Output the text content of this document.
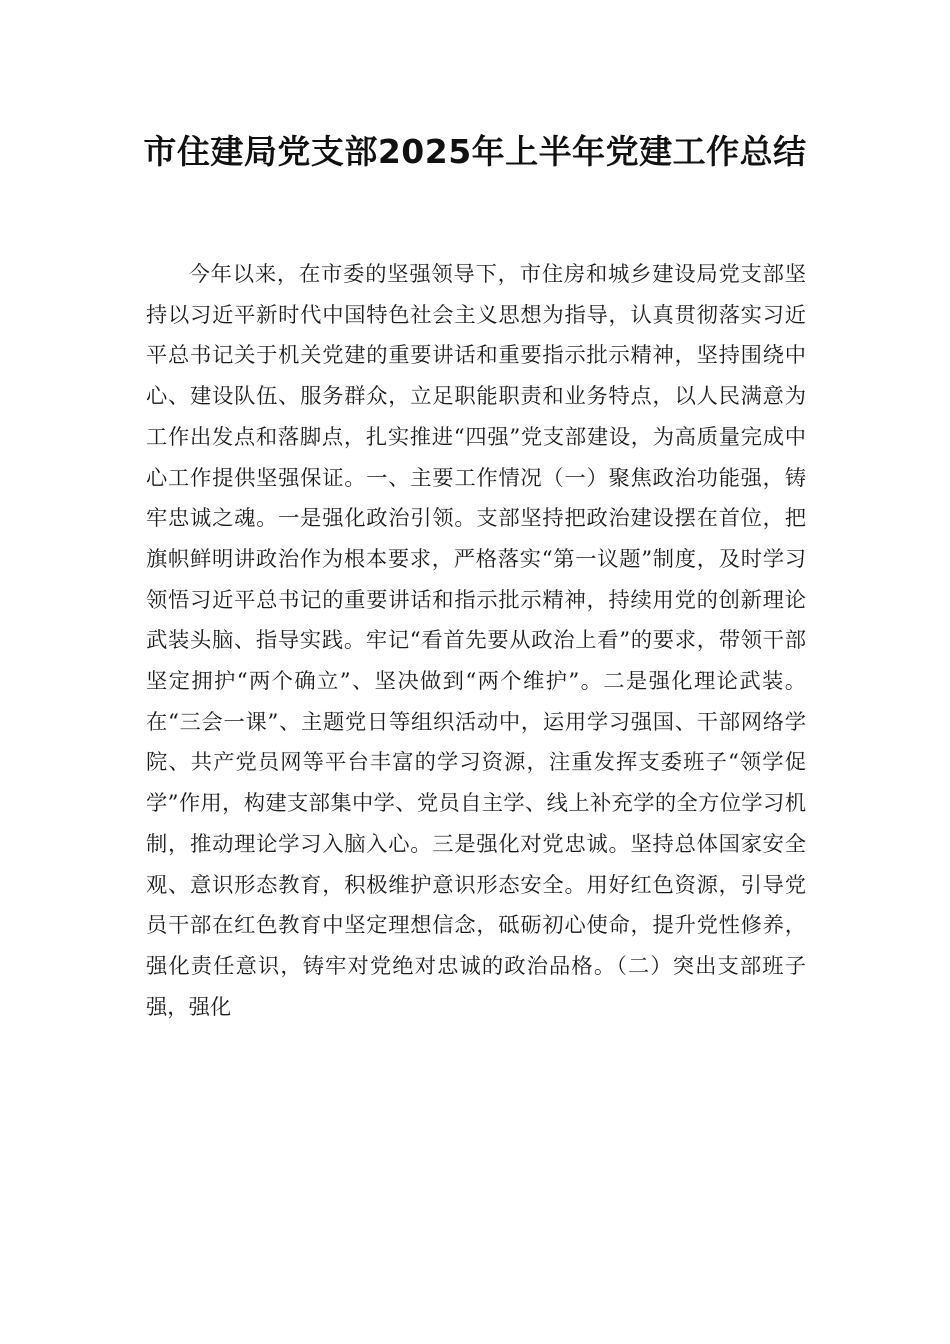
市住建局党支部2025年上半年党建工作总结

今年以来，在市委的坚强领导下，市住房和城乡建设局党支部坚持以习近平新时代中国特色社会主义思想为指导，认真贯彻落实习近平总书记关于机关党建的重要讲话和重要指示批示精神，坚持围绕中心、建设队伍、服务群众，立足职能职责和业务特点，以人民满意为工作出发点和落脚点，扎实推进“四强”党支部建设，为高质量完成中心工作提供坚强保证。一、主要工作情况（一）聚焦政治功能强，铸牢忠诚之魂。一是强化政治引领。支部坚持把政治建设摆在首位，把旗帜鲜明讲政治作为根本要求，严格落实“第一议题”制度，及时学习领悟习近平总书记的重要讲话和指示批示精神，持续用党的创新理论武装头脑、指导实践。牢记“看首先要从政治上看”的要求，带领干部坚定拥护“两个确立”、坚决做到“两个维护”。二是强化理论武装。在“三会一课”、主题党日等组织活动中，运用学习强国、干部网络学院、共产党员网等平台丰富的学习资源，注重发挥支委班子“领学促学”作用，构建支部集中学、党员自主学、线上补充学的全方位学习机制，推动理论学习入脑入心。三是强化对党忠诚。坚持总体国家安全观、意识形态教育，积极维护意识形态安全。用好红色资源，引导党员干部在红色教育中坚定理想信念，砥砺初心使命，提升党性修养，强化责任意识，铸牢对党绝对忠诚的政治品格。（二）突出支部班子强，强化
